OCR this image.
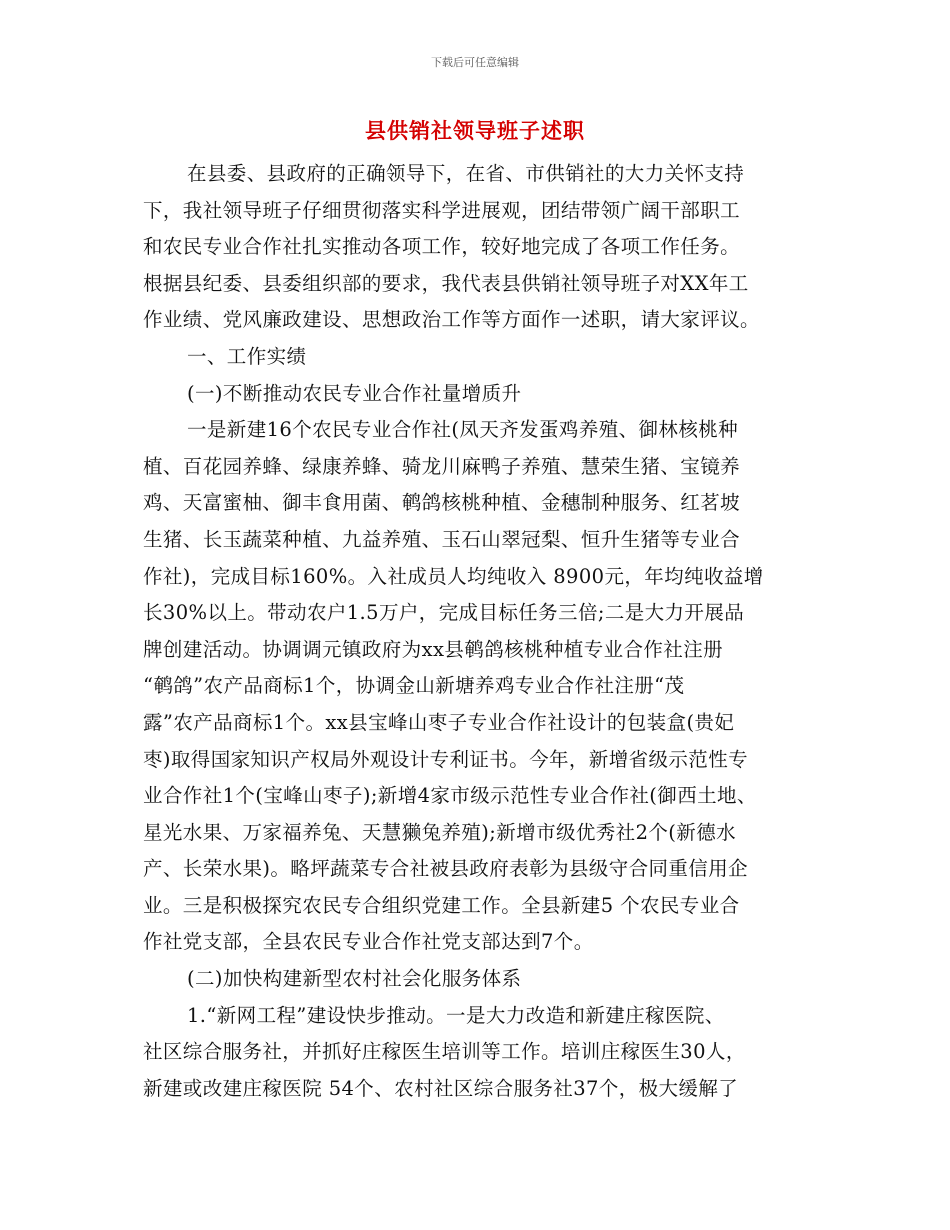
下载后可任意编辑
县供销社领导班子述职
在县委、县政府的正确领导下，在省、市供销社的大力关怀支持
下，我社领导班子仔细贯彻落实科学进展观，团结带领广阔干部职工
和农民专业合作社扎实推动各项工作，较好地完成了各项工作任务。
根据县纪委、县委组织部的要求，我代表县供销社领导班子对XX年工
作业绩、党风廉政建设、思想政治工作等方面作一述职，请大家评议。
一、工作实绩
(一)不断推动农民专业合作社量增质升
一是新建16个农民专业合作社(凤天齐发蛋鸡养殖、御林核桃种
植、百花园养蜂、绿康养蜂、骑龙川麻鸭子养殖、慧荣生猪、宝镜养
鸡、天富蜜柚、御丰食用菌、鹌鸽核桃种植、金穗制种服务、红茗坡
生猪、长玉蔬菜种植、九益养殖、玉石山翠冠梨、恒升生猪等专业合
作社)，完成目标160%。入社成员人均纯收入 8900元，年均纯收益增
长30%以上。带动农户1.5万户，完成目标任务三倍;二是大力开展品
牌创建活动。协调调元镇政府为xx县鹌鸽核桃种植专业合作社注册
“鹌鸽”农产品商标1个，协调金山新塘养鸡专业合作社注册“茂
露”农产品商标1个。xx县宝峰山枣子专业合作社设计的包装盒(贵妃
枣)取得国家知识产权局外观设计专利证书。今年，新增省级示范性专
业合作社1个(宝峰山枣子);新增4家市级示范性专业合作社(御西土地、
星光水果、万家福养兔、天慧獭兔养殖);新增市级优秀社2个(新德水
产、长荣水果)。略坪蔬菜专合社被县政府表彰为县级守合同重信用企
业。三是积极探究农民专合组织党建工作。全县新建5 个农民专业合
作社党支部，全县农民专业合作社党支部达到7个。
(二)加快构建新型农村社会化服务体系
1.“新网工程”建设快步推动。一是大力改造和新建庄稼医院、
社区综合服务社，并抓好庄稼医生培训等工作。培训庄稼医生30人，
新建或改建庄稼医院 54个、农村社区综合服务社37个，极大缓解了
